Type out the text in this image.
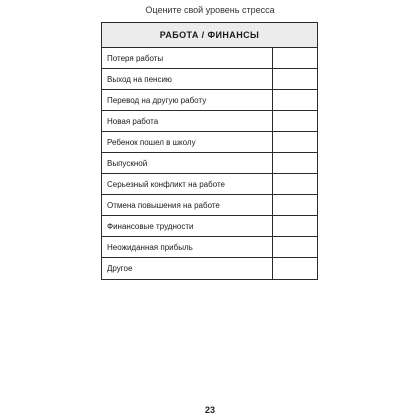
Оцените свой уровень стресса
РАБОТА / ФИНАНСЫ
Потеря работы
Выход на пенсию
Перевод на другую работу
Новая работа
Ребенок пошел в школу
Выпускной
Серьезный конфликт на работе
Отмена повышения на работе
Финансовые трудности
Неожиданная прибыль
Другое
23
